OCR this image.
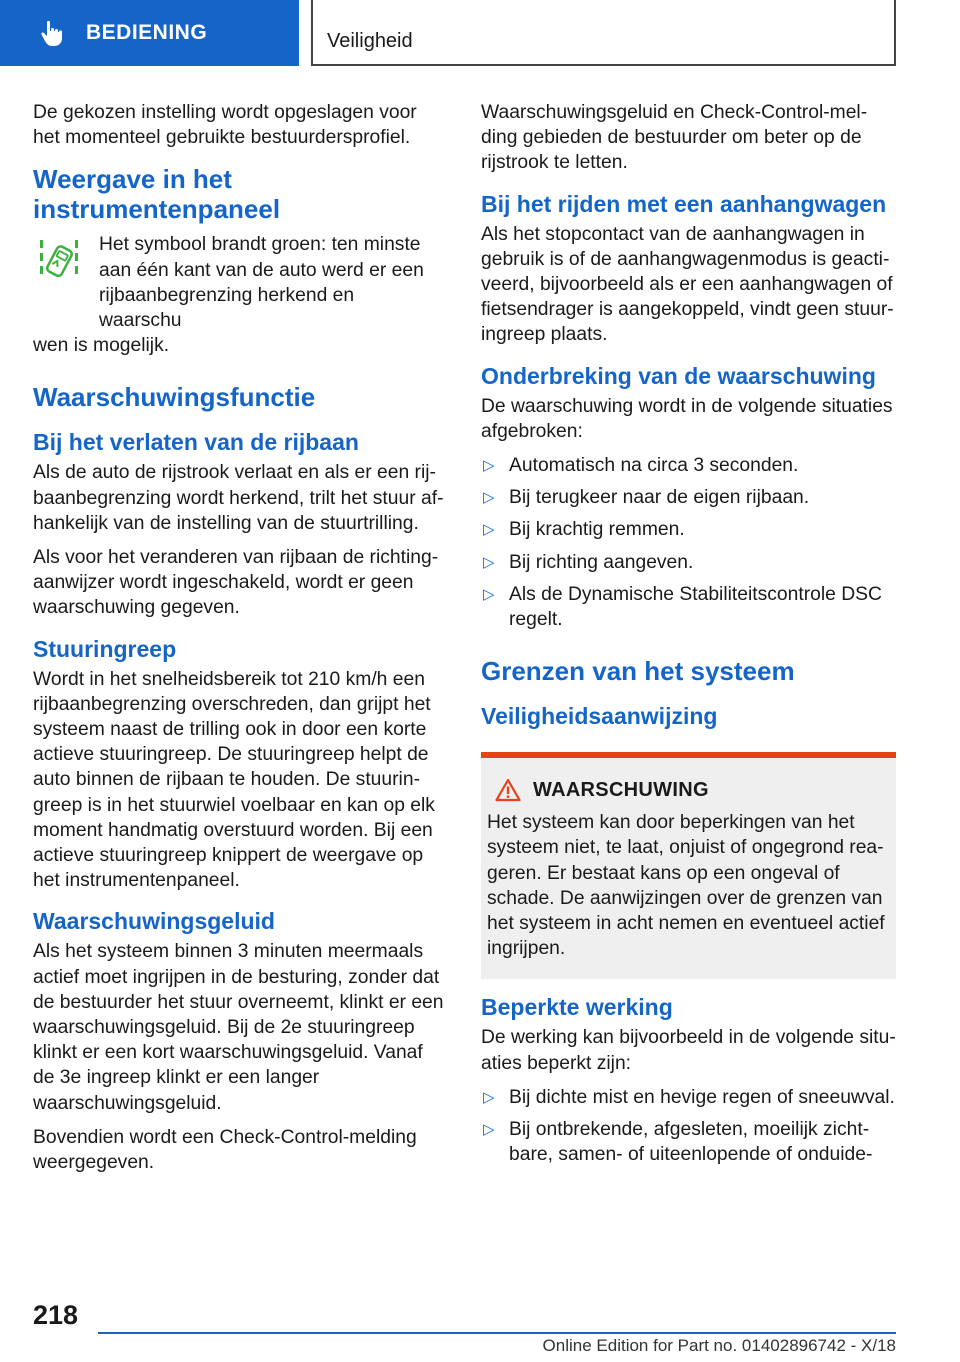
BEDIENING	Veiligheid

De gekozen instelling wordt opgeslagen voor het momenteel gebruikte bestuurdersprofiel.

Weergave in het instrumentenpaneel

Het symbool brandt groen: ten minste aan één kant van de auto werd er een rijbaanbegrenzing herkend en waarschu

wen is mogelijk.

Waarschuwingsfunctie
Bij het verlaten van de rijbaan

Als de auto de rijstrook verlaat en als er een rijbaanbegrenzing wordt herkend, trilt het stuur afhankelijk van de instelling van de stuurtrilling.

Als voor het veranderen van rijbaan de richtingaanwijzer wordt ingeschakeld, wordt er geen waarschuwing gegeven.

Stuuringreep

Wordt in het snelheidsbereik tot 210 km/h een rijbaanbegrenzing overschreden, dan grijpt het systeem naast de trilling ook in door een korte actieve stuuringreep. De stuuringreep helpt de auto binnen de rijbaan te houden. De stuuringreep is in het stuurwiel voelbaar en kan op elk moment handmatig overstuurd worden. Bij een actieve stuuringreep knippert de weergave op het instrumentenpaneel.

Waarschuwingsgeluid

Als het systeem binnen 3 minuten meermaals actief moet ingrijpen in de besturing, zonder dat de bestuurder het stuur overneemt, klinkt er een waarschuwingsgeluid. Bij de 2e stuuringreep klinkt er een kort waarschuwingsgeluid. Vanaf de 3e ingreep klinkt er een langer waarschuwingsgeluid.

Bovendien wordt een Check-Control-melding weergegeven.

Waarschuwingsgeluid en Check-Control-melding gebieden de bestuurder om beter op de rijstrook te letten.

Bij het rijden met een aanhangwagen

Als het stopcontact van de aanhangwagen in gebruik is of de aanhangwagenmodus is geactiveerd, bijvoorbeeld als er een aanhangwagen of fietsendrager is aangekoppeld, vindt geen stuuringreep plaats.

Onderbreking van de waarschuwing

De waarschuwing wordt in de volgende situaties afgebroken:

▷ Automatisch na circa 3 seconden.
▷ Bij terugkeer naar de eigen rijbaan.
▷ Bij krachtig remmen.
▷ Bij richting aangeven.
▷ Als de Dynamische Stabiliteitscontrole DSC regelt.
Grenzen van het systeem
Veiligheidsaanwijzing
WAARSCHUWING

Het systeem kan door beperkingen van het systeem niet, te laat, onjuist of ongegrond reageren. Er bestaat kans op een ongeval of schade. De aanwijzingen over de grenzen van het systeem in acht nemen en eventueel actief ingrijpen.

Beperkte werking

De werking kan bijvoorbeeld in de volgende situaties beperkt zijn:

▷ Bij dichte mist en hevige regen of sneeuwval.
▷ Bij ontbrekende, afgesleten, moeilijk zichtbare, samen- of uiteenlopende of onduide-
218
Online Edition for Part no. 01402896742 - X/18
